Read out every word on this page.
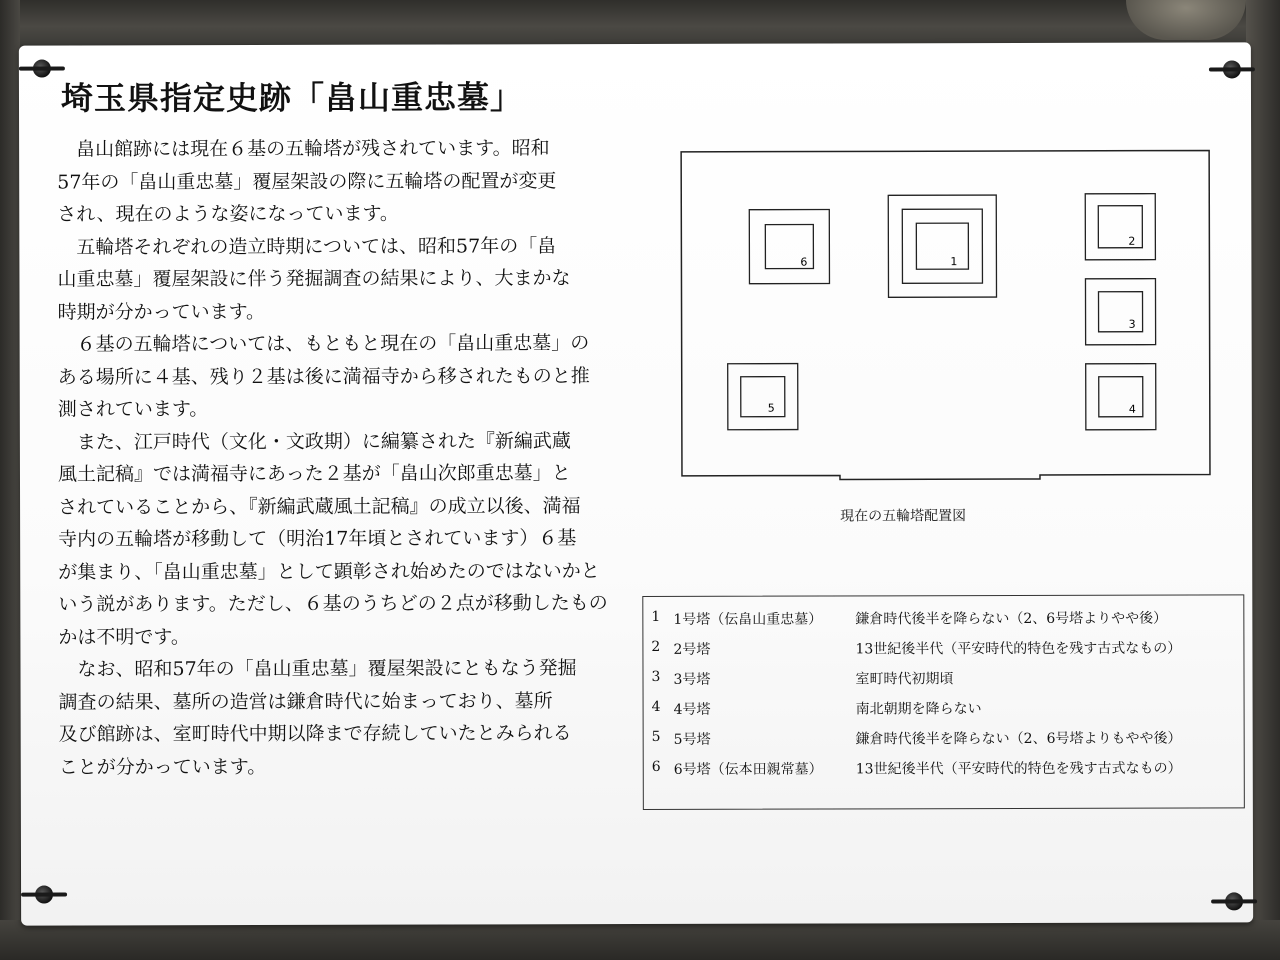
埼玉県指定史跡「畠山重忠墓」

畠山館跡には現在６基の五輪塔が残されています。昭和
57年の「畠山重忠墓」覆屋架設の際に五輪塔の配置が変更
され、現在のような姿になっています。

五輪塔それぞれの造立時期については、昭和57年の「畠
山重忠墓」覆屋架設に伴う発掘調査の結果により、大まかな
時期が分かっています。

６基の五輪塔については、もともと現在の「畠山重忠墓」の
ある場所に４基、残り２基は後に満福寺から移されたものと推
測されています。

また、江戸時代（文化・文政期）に編纂された『新編武蔵
風土記稿』では満福寺にあった２基が「畠山次郎重忠墓」と
されていることから、『新編武蔵風土記稿』の成立以後、満福
寺内の五輪塔が移動して（明治17年頃とされています）６基
が集まり、「畠山重忠墓」として顕彰され始めたのではないかと
いう説があります。ただし、６基のうちどの２点が移動したもの
かは不明です。

なお、昭和57年の「畠山重忠墓」覆屋架設にともなう発掘
調査の結果、墓所の造営は鎌倉時代に始まっており、墓所
及び館跡は、室町時代中期以降まで存続していたとみられる
ことが分かっています。

6	1
2
3
4
5
現在の五輪塔配置図
1 1号塔（伝畠山重忠墓） 鎌倉時代後半を降らない（2、6号塔よりやや後）
2 2号塔	13世紀後半代（平安時代的特色を残す古式なもの）
3 3号塔	室町時代初期頃
4 4号塔	南北朝期を降らない
5 5号塔	鎌倉時代後半を降らない（2、6号塔よりもやや後）
6 6号塔（伝本田親常墓） 13世紀後半代（平安時代的特色を残す古式なもの）
